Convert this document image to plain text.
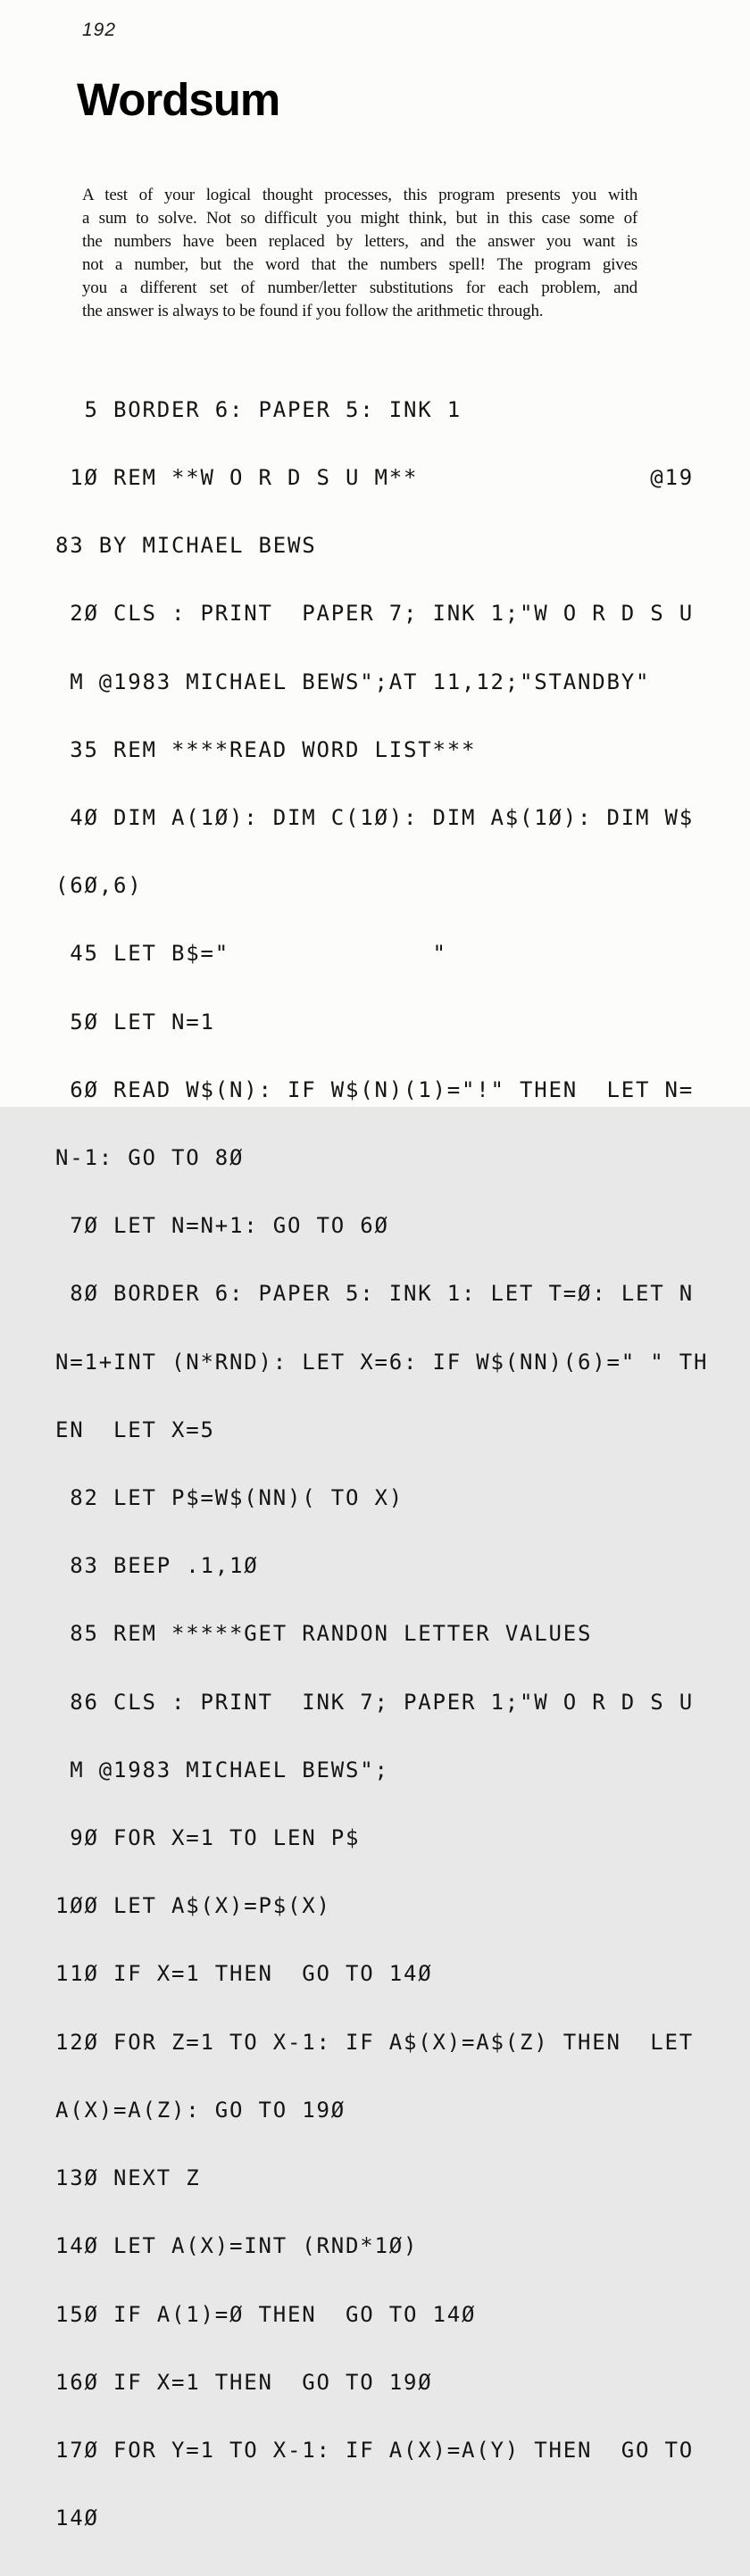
192
Wordsum
A test of your logical thought processes, this program presents you with
a sum to solve. Not so difficult you might think, but in this case some of
the numbers have been replaced by letters, and the answer you want is
not a number, but the word that the numbers spell! The program gives
you a different set of number/letter substitutions for each problem, and
the answer is always to be found if you follow the arithmetic through.

5 BORDER 6: PAPER 5: INK 1

1Ø REM **W O R D S U M**                @19

83 BY MICHAEL BEWS

2Ø CLS : PRINT  PAPER 7; INK 1;"W O R D S U

M @1983 MICHAEL BEWS";AT 11,12;"STANDBY"

35 REM ****READ WORD LIST***

4Ø DIM A(1Ø): DIM C(1Ø): DIM A$(1Ø): DIM W$

(6Ø,6)

45 LET B$="              "

5Ø LET N=1

6Ø READ W$(N): IF W$(N)(1)="!" THEN  LET N=

N-1: GO TO 8Ø

7Ø LET N=N+1: GO TO 6Ø

8Ø BORDER 6: PAPER 5: INK 1: LET T=Ø: LET N

N=1+INT (N*RND): LET X=6: IF W$(NN)(6)=" " TH

EN  LET X=5

82 LET P$=W$(NN)( TO X)

83 BEEP .1,1Ø

85 REM *****GET RANDON LETTER VALUES

86 CLS : PRINT  INK 7; PAPER 1;"W O R D S U

M @1983 MICHAEL BEWS";

9Ø FOR X=1 TO LEN P$

1ØØ LET A$(X)=P$(X)

11Ø IF X=1 THEN  GO TO 14Ø

12Ø FOR Z=1 TO X-1: IF A$(X)=A$(Z) THEN  LET

A(X)=A(Z): GO TO 19Ø

13Ø NEXT Z

14Ø LET A(X)=INT (RND*1Ø)

15Ø IF A(1)=Ø THEN  GO TO 14Ø

16Ø IF X=1 THEN  GO TO 19Ø

17Ø FOR Y=1 TO X-1: IF A(X)=A(Y) THEN  GO TO

14Ø
